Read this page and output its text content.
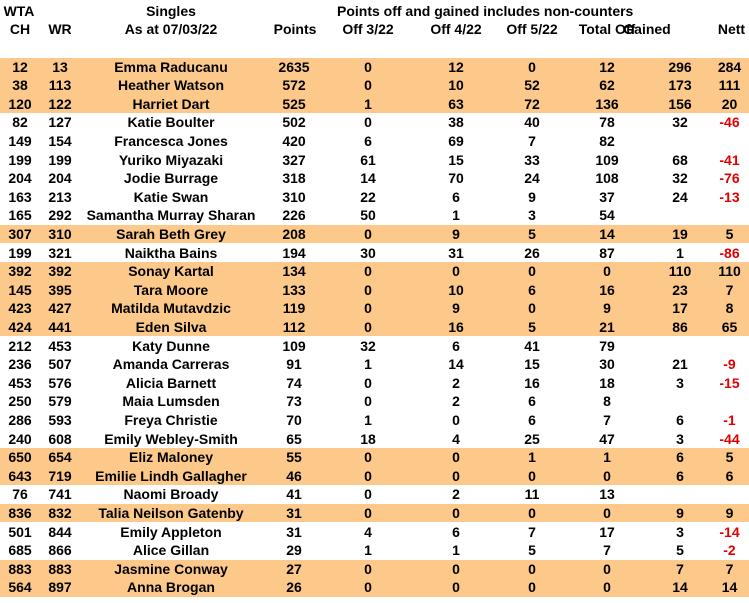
WTA
CH	WR
Singles
As at 07/03/22	Points
Points off and gained includes non-counters
Off 3/22	Off 4/22	Off 5/22	Total Off
Gained	Nett
12	13	Emma Raducanu	2635	0	12	0	12	296	284
38	113	Heather Watson	572	0	10	52	62	173	111
120	122	Harriet Dart	525	1	63	72	136	156	20
82	127	Katie Boulter	502	0	38	40	78	32	-46
149	154	Francesca Jones	420	6	69	7	82
199	199	Yuriko Miyazaki	327	61	15	33	109	68	-41
204	204	Jodie Burrage	318	14	70	24	108	32	-76
163	213	Katie Swan	310	22	6	9	37	24	-13
165	292	Samantha Murray Sharan	226	50	1	3	54
307	310	Sarah Beth Grey	208	0	9	5	14	19	5
199	321	Naiktha Bains	194	30	31	26	87	1	-86
392	392	Sonay Kartal	134	0	0	0	0	110	110
145	395	Tara Moore	133	0	10	6	16	23	7
423	427	Matilda Mutavdzic	119	0	9	0	9	17	8
424	441	Eden Silva	112	0	16	5	21	86	65
212	453	Katy Dunne	109	32	6	41	79
236	507	Amanda Carreras	91	1	14	15	30	21	-9
453	576	Alicia Barnett	74	0	2	16	18	3	-15
250	579	Maia Lumsden	73	0	2	6	8
286	593	Freya Christie	70	1	0	6	7	6	-1
240	608	Emily Webley-Smith	65	18	4	25	47	3	-44
650	654	Eliz Maloney	55	0	0	1	1	6	5
643	719	Emilie Lindh Gallagher	46	0	0	0	0	6	6
76	741	Naomi Broady	41	0	2	11	13
836	832	Talia Neilson Gatenby	31	0	0	0	0	9	9
501	844	Emily Appleton	31	4	6	7	17	3	-14
685	866	Alice Gillan	29	1	1	5	7	5	-2
883	883	Jasmine Conway	27	0	0	0	0	7	7
564	897	Anna Brogan	26	0	0	0	0	14	14
